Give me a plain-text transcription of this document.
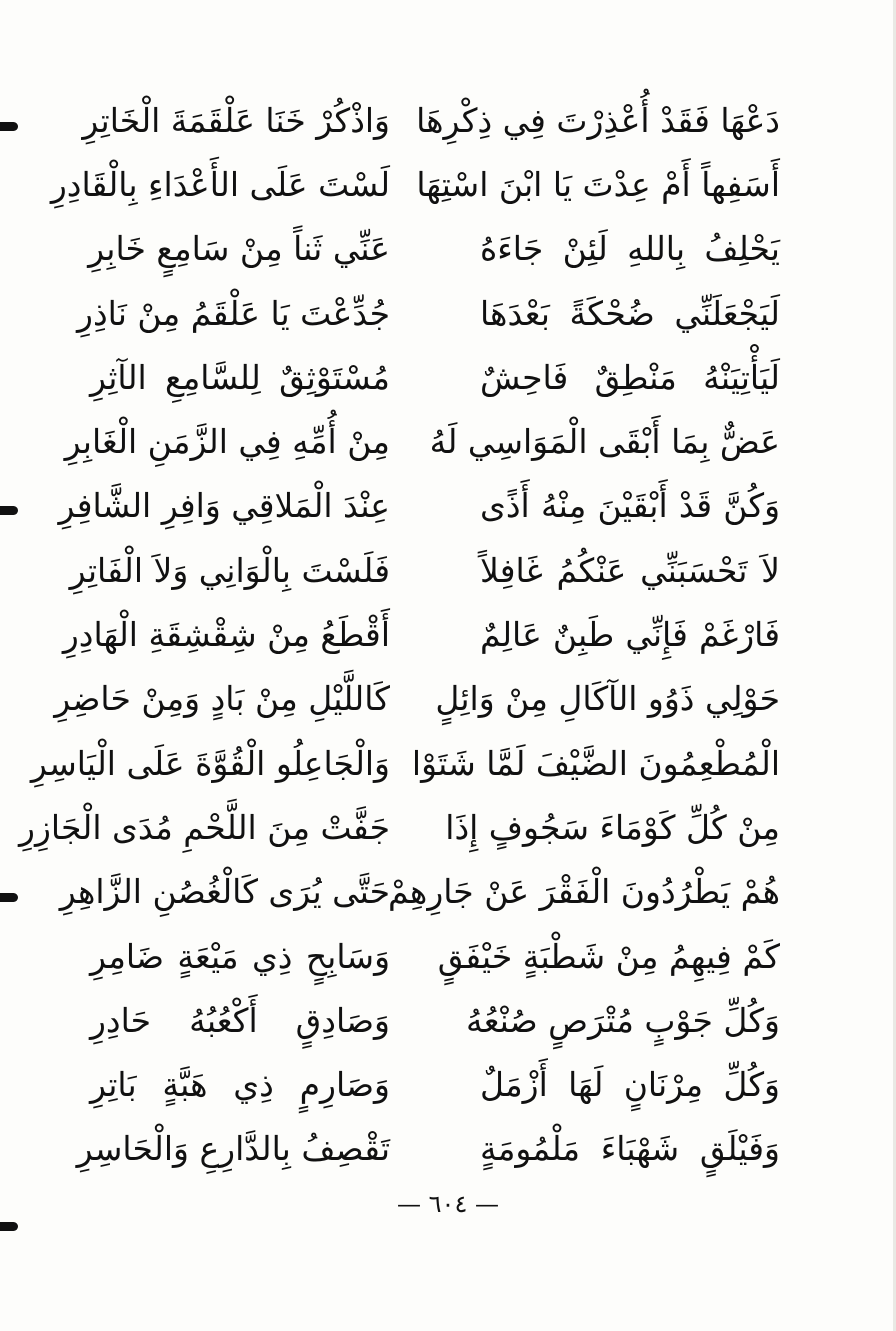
دَعْهَا فَقَدْ أُعْذِرْتَ فِي ذِكْرِهَا
وَاذْكُرْ خَنَا عَلْقَمَةَ الْخَاتِرِ
أَسَفِهاً أَمْ عِدْتَ يَا ابْنَ اسْتِهَا
لَسْتَ عَلَى الأَعْدَاءِ بِالْقَادِرِ
يَحْلِفُ بِاللهِ لَئِنْ جَاءَهُ
عَنِّي ثَناً مِنْ سَامِعٍ خَابِرِ
لَيَجْعَلَنِّي ضُحْكَةً بَعْدَهَا
جُدِّعْتَ يَا عَلْقَمُ مِنْ نَاذِرِ
لَيَأْتِيَنْهُ مَنْطِقٌ فَاحِشٌ
مُسْتَوْثِقٌ لِلسَّامِعِ الآثِرِ
عَضٌّ بِمَا أَبْقَى الْمَوَاسِي لَهُ
مِنْ أُمِّهِ فِي الزَّمَنِ الْغَابِرِ
وَكُنَّ قَدْ أَبْقَيْنَ مِنْهُ أَذًى
عِنْدَ الْمَلاقِي وَافِرِ الشَّافِرِ
لاَ تَحْسَبَنِّي عَنْكُمُ غَافِلاً
فَلَسْتَ بِالْوَانِي وَلاَ الْفَاتِرِ
فَارْغَمْ فَإِنِّي طَبِنٌ عَالِمٌ
أَقْطَعُ مِنْ شِقْشِقَةِ الْهَادِرِ
حَوْلِي ذَوُو الآكَالِ مِنْ وَائِلٍ
كَاللَّيْلِ مِنْ بَادٍ وَمِنْ حَاضِرِ
الْمُطْعِمُونَ الضَّيْفَ لَمَّا شَتَوْا
وَالْجَاعِلُو الْقُوَّةَ عَلَى الْيَاسِرِ
مِنْ كُلِّ كَوْمَاءَ سَجُوفٍ إِذَا
جَفَّتْ مِنَ اللَّحْمِ مُدَى الْجَازِرِ
هُمْ يَطْرُدُونَ الْفَقْرَ عَنْ جَارِهِمْ
حَتَّى يُرَى كَالْغُصُنِ الزَّاهِرِ
كَمْ فِيهِمُ مِنْ شَطْبَةٍ خَيْفَقٍ
وَسَابِحٍ ذِي مَيْعَةٍ ضَامِرِ
وَكُلِّ جَوْبٍ مُتْرَصٍ صُنْعُهُ
وَصَادِقٍ أَكْعُبُهُ حَادِرِ
وَكُلِّ مِرْنَانٍ لَهَا أَزْمَلٌ
وَصَارِمٍ ذِي هَبَّةٍ بَاتِرِ
وَفَيْلَقٍ شَهْبَاءَ مَلْمُومَةٍ
تَقْصِفُ بِالدَّارِعِ وَالْحَاسِرِ
— ٦٠٤ —
